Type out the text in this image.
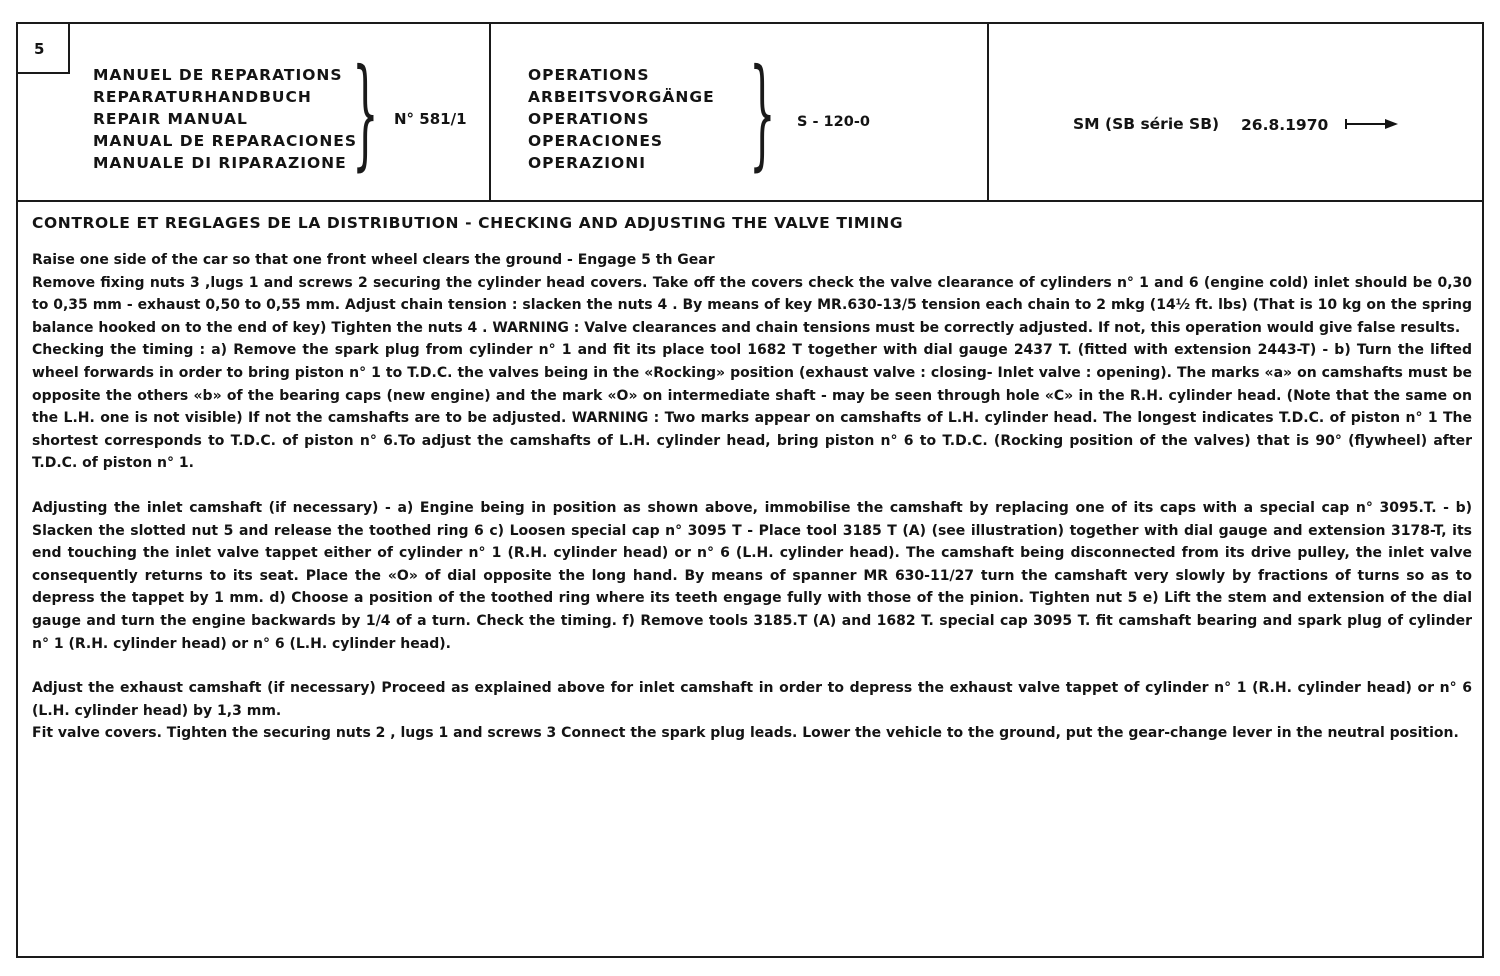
5
MANUEL DE REPARATIONS
REPARATURHANDBUCH
REPAIR MANUAL
MANUAL DE REPARACIONES
MANUALE DI RIPARAZIONE } N° 581/1
OPERATIONS
ARBEITSVORGÄNGE
OPERATIONS
OPERACIONES
OPERAZIONI } S - 120-0	SM (SB série SB) 26.8.1970
CONTROLE ET REGLAGES DE LA DISTRIBUTION - CHECKING AND ADJUSTING THE VALVE TIMING

Raise one side of the car so that one front wheel clears the ground - Engage 5 th Gear

Remove fixing nuts 3 ,lugs 1 and screws 2 securing the cylinder head covers. Take off the covers check the valve clearance of cylinders n° 1 and 6 (engine cold) inlet should be 0,30 to 0,35 mm - exhaust 0,50 to 0,55 mm. Adjust chain tension : slacken the nuts 4 . By means of key MR.630-13/5 tension each chain to 2 mkg (14½ ft. lbs) (That is 10 kg on the spring balance hooked on to the end of key) Tighten the nuts 4 . WARNING : Valve clearances and chain tensions must be correctly adjusted. If not, this operation would give false results.

Checking the timing : a) Remove the spark plug from cylinder n° 1 and fit its place tool 1682 T together with dial gauge 2437 T. (fitted with extension 2443-T) - b) Turn the lifted wheel forwards in order to bring piston n° 1 to T.D.C. the valves being in the «Rocking» position (exhaust valve : closing- Inlet valve : opening). The marks «a» on camshafts must be opposite the others «b» of the bearing caps (new engine) and the mark «O» on intermediate shaft - may be seen through hole «C» in the R.H. cylinder head. (Note that the same on the L.H. one is not visible) If not the camshafts are to be adjusted. WARNING : Two marks appear on camshafts of L.H. cylinder head. The longest indicates T.D.C. of piston n° 1 The shortest corresponds to T.D.C. of piston n° 6.To adjust the camshafts of L.H. cylinder head, bring piston n° 6 to T.D.C. (Rocking position of the valves) that is 90° (flywheel) after T.D.C. of piston n° 1.

Adjusting the inlet camshaft (if necessary) - a) Engine being in position as shown above, immobilise the camshaft by replacing one of its caps with a special cap n° 3095.T. - b) Slacken the slotted nut 5 and release the toothed ring 6 c) Loosen special cap n° 3095 T - Place tool 3185 T (A) (see illustration) together with dial gauge and extension 3178-T, its end touching the inlet valve tappet either of cylinder n° 1 (R.H. cylinder head) or n° 6 (L.H. cylinder head). The camshaft being disconnected from its drive pulley, the inlet valve consequently returns to its seat. Place the «O» of dial opposite the long hand. By means of spanner MR 630-11/27 turn the camshaft very slowly by fractions of turns so as to depress the tappet by 1 mm. d) Choose a position of the toothed ring where its teeth engage fully with those of the pinion. Tighten nut 5 e) Lift the stem and extension of the dial gauge and turn the engine backwards by 1/4 of a turn. Check the timing. f) Remove tools 3185.T (A) and 1682 T. special cap 3095 T. fit camshaft bearing and spark plug of cylinder n° 1 (R.H. cylinder head) or n° 6 (L.H. cylinder head).

Adjust the exhaust camshaft (if necessary) Proceed as explained above for inlet camshaft in order to depress the exhaust valve tappet of cylinder n° 1 (R.H. cylinder head) or n° 6 (L.H. cylinder head) by 1,3 mm.

Fit valve covers. Tighten the securing nuts 2 , lugs 1 and screws 3 Connect the spark plug leads. Lower the vehicle to the ground, put the gear-change lever in the neutral position.
